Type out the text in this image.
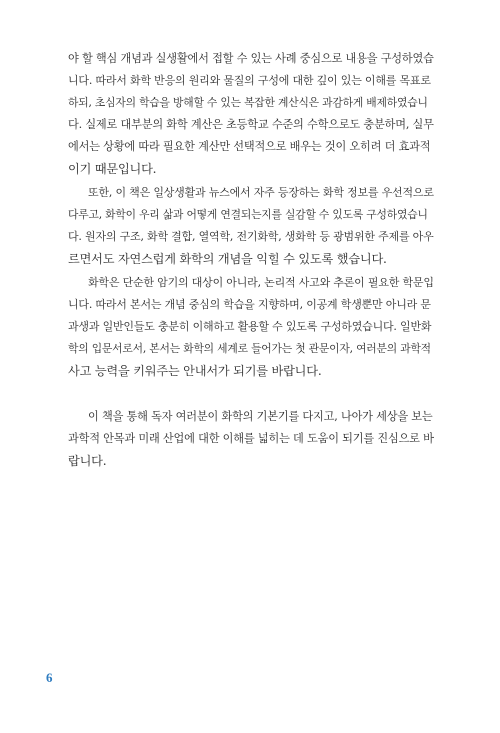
야 할 핵심 개념과 실생활에서 접할 수 있는 사례 중심으로 내용을 구성하였습
니다. 따라서 화학 반응의 원리와 물질의 구성에 대한 깊이 있는 이해를 목표로
하되, 초심자의 학습을 방해할 수 있는 복잡한 계산식은 과감하게 배제하였습니
다. 실제로 대부분의 화학 계산은 초등학교 수준의 수학으로도 충분하며, 실무
에서는 상황에 따라 필요한 계산만 선택적으로 배우는 것이 오히려 더 효과적
이기 때문입니다.
또한, 이 책은 일상생활과 뉴스에서 자주 등장하는 화학 정보를 우선적으로
다루고, 화학이 우리 삶과 어떻게 연결되는지를 실감할 수 있도록 구성하였습니
다. 원자의 구조, 화학 결합, 열역학, 전기화학, 생화학 등 광범위한 주제를 아우
르면서도 자연스럽게 화학의 개념을 익힐 수 있도록 했습니다.
화학은 단순한 암기의 대상이 아니라, 논리적 사고와 추론이 필요한 학문입
니다. 따라서 본서는 개념 중심의 학습을 지향하며, 이공계 학생뿐만 아니라 문
과생과 일반인들도 충분히 이해하고 활용할 수 있도록 구성하였습니다. 일반화
학의 입문서로서, 본서는 화학의 세계로 들어가는 첫 관문이자, 여러분의 과학적
사고 능력을 키워주는 안내서가 되기를 바랍니다.
이 책을 통해 독자 여러분이 화학의 기본기를 다지고, 나아가 세상을 보는
과학적 안목과 미래 산업에 대한 이해를 넓히는 데 도움이 되기를 진심으로 바
랍니다.
6
